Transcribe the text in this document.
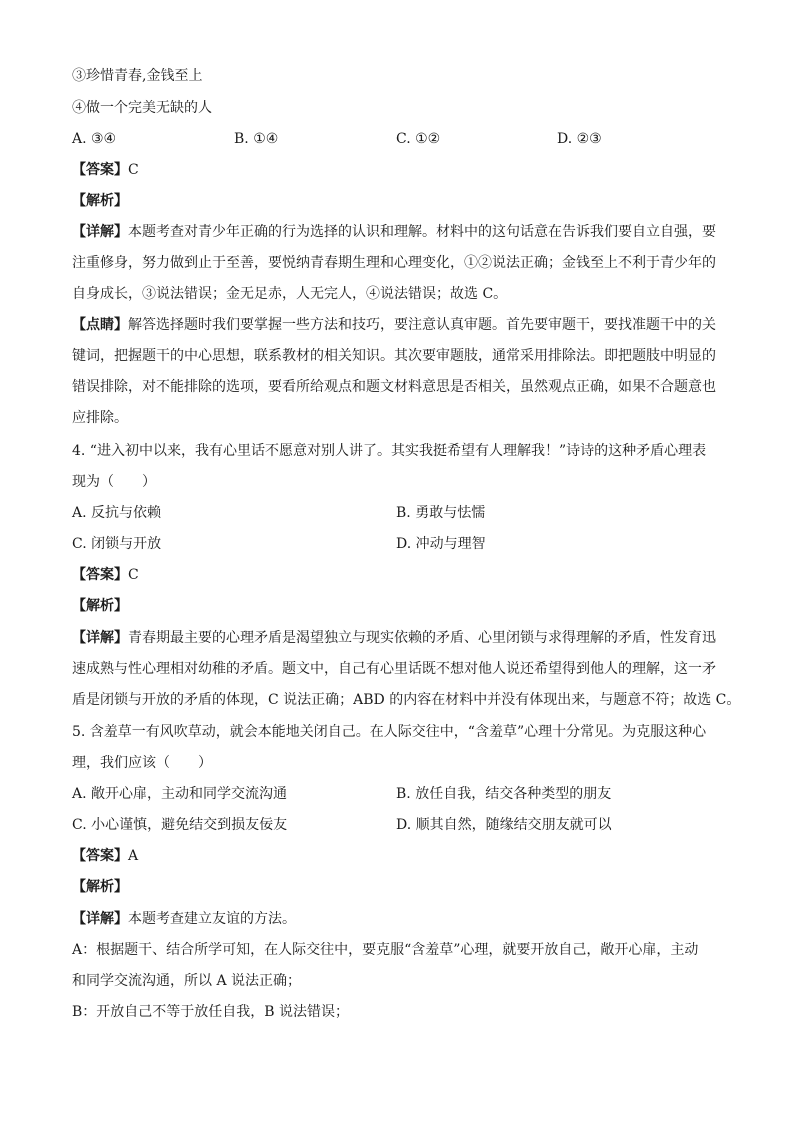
③珍惜青春,金钱至上
④做一个完美无缺的人
A. ③④	B. ①④	C. ①②	D. ②③
【答案】C
【解析】
【详解】本题考查对青少年正确的行为选择的认识和理解。材料中的这句话意在告诉我们要自立自强，要
注重修身，努力做到止于至善，要悦纳青春期生理和心理变化，①②说法正确；金钱至上不利于青少年的
自身成长，③说法错误；金无足赤，人无完人，④说法错误；故选 C。
【点睛】解答选择题时我们要掌握一些方法和技巧，要注意认真审题。首先要审题干，要找准题干中的关
键词，把握题干的中心思想，联系教材的相关知识。其次要审题肢，通常采用排除法。即把题肢中明显的
错误排除，对不能排除的选项，要看所给观点和题文材料意思是否相关，虽然观点正确，如果不合题意也
应排除。
4. “进入初中以来，我有心里话不愿意对别人讲了。其实我挺希望有人理解我！”诗诗的这种矛盾心理表
现为（　　）
A. 反抗与依赖	B. 勇敢与怯懦
C. 闭锁与开放	D. 冲动与理智
【答案】C
【解析】
【详解】青春期最主要的心理矛盾是渴望独立与现实依赖的矛盾、心里闭锁与求得理解的矛盾，性发育迅
速成熟与性心理相对幼稚的矛盾。题文中，自己有心里话既不想对他人说还希望得到他人的理解，这一矛
盾是闭锁与开放的矛盾的体现，C 说法正确；ABD 的内容在材料中并没有体现出来，与题意不符；故选 C。
5. 含羞草一有风吹草动，就会本能地关闭自己。在人际交往中，“含羞草”心理十分常见。为克服这种心
理，我们应该（　　）
A. 敞开心扉，主动和同学交流沟通	B. 放任自我，结交各种类型的朋友
C. 小心谨慎，避免结交到损友佞友	D. 顺其自然，随缘结交朋友就可以
【答案】A
【解析】
【详解】本题考查建立友谊的方法。
A：根据题干、结合所学可知，在人际交往中，要克服“含羞草”心理，就要开放自己，敞开心扉，主动
和同学交流沟通，所以 A 说法正确；
B：开放自己不等于放任自我，B 说法错误；
